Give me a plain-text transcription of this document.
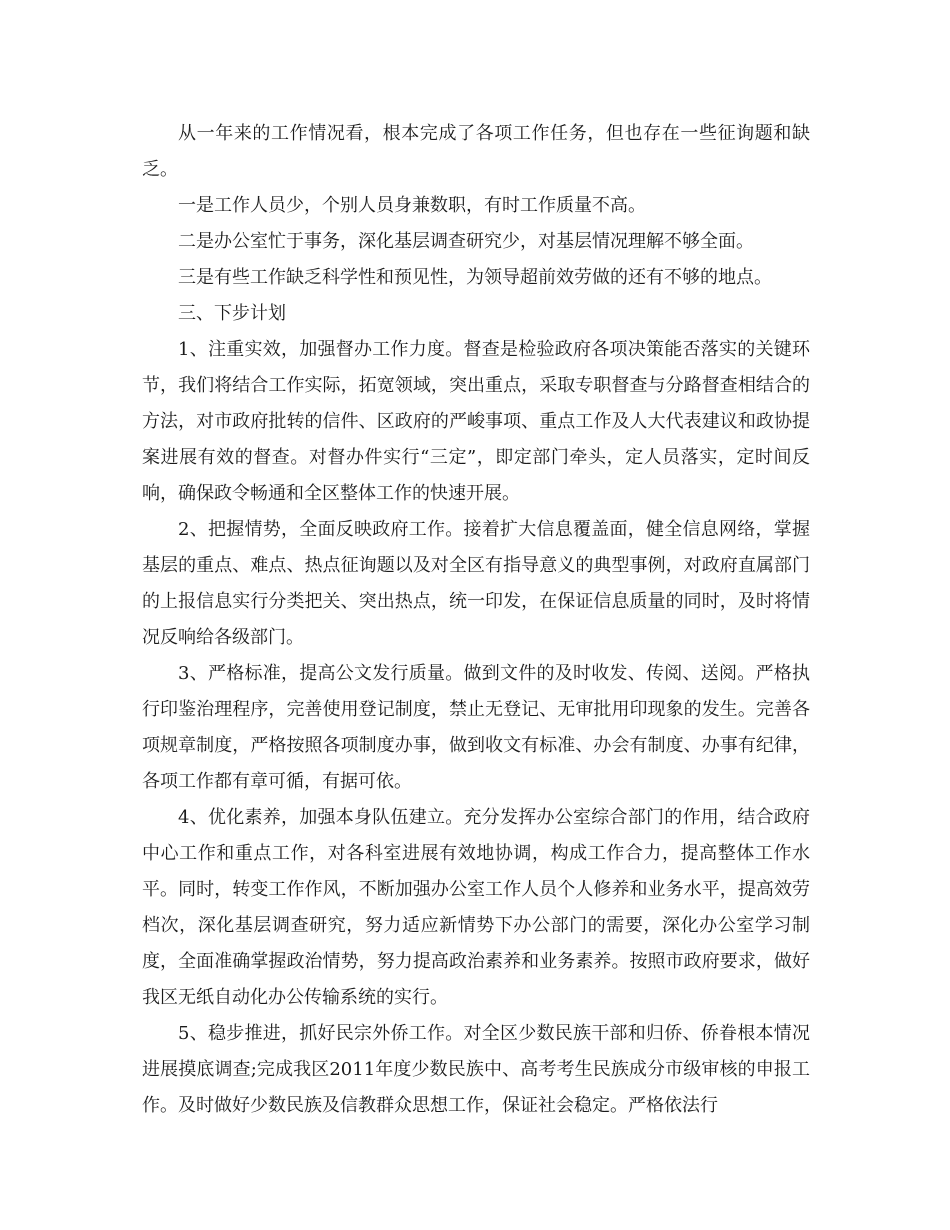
从一年来的工作情况看，根本完成了各项工作任务，但也存在一些征询题和缺乏。

一是工作人员少，个别人员身兼数职，有时工作质量不高。

二是办公室忙于事务，深化基层调查研究少，对基层情况理解不够全面。

三是有些工作缺乏科学性和预见性，为领导超前效劳做的还有不够的地点。

三、下步计划

1、注重实效，加强督办工作力度。督查是检验政府各项决策能否落实的关键环节，我们将结合工作实际，拓宽领域，突出重点，采取专职督查与分路督查相结合的方法，对市政府批转的信件、区政府的严峻事项、重点工作及人大代表建议和政协提案进展有效的督查。对督办件实行“三定”，即定部门牵头，定人员落实，定时间反响，确保政令畅通和全区整体工作的快速开展。

2、把握情势，全面反映政府工作。接着扩大信息覆盖面，健全信息网络，掌握基层的重点、难点、热点征询题以及对全区有指导意义的典型事例，对政府直属部门的上报信息实行分类把关、突出热点，统一印发，在保证信息质量的同时，及时将情况反响给各级部门。

3、严格标准，提高公文发行质量。做到文件的及时收发、传阅、送阅。严格执行印鉴治理程序，完善使用登记制度，禁止无登记、无审批用印现象的发生。完善各项规章制度，严格按照各项制度办事，做到收文有标准、办会有制度、办事有纪律，各项工作都有章可循，有据可依。

4、优化素养，加强本身队伍建立。充分发挥办公室综合部门的作用，结合政府中心工作和重点工作，对各科室进展有效地协调，构成工作合力，提高整体工作水平。同时，转变工作作风，不断加强办公室工作人员个人修养和业务水平，提高效劳档次，深化基层调查研究，努力适应新情势下办公部门的需要，深化办公室学习制度，全面准确掌握政治情势，努力提高政治素养和业务素养。按照市政府要求，做好我区无纸自动化办公传输系统的实行。

5、稳步推进，抓好民宗外侨工作。对全区少数民族干部和归侨、侨眷根本情况进展摸底调查;完成我区2011年度少数民族中、高考考生民族成分市级审核的申报工作。及时做好少数民族及信教群众思想工作，保证社会稳定。严格依法行
